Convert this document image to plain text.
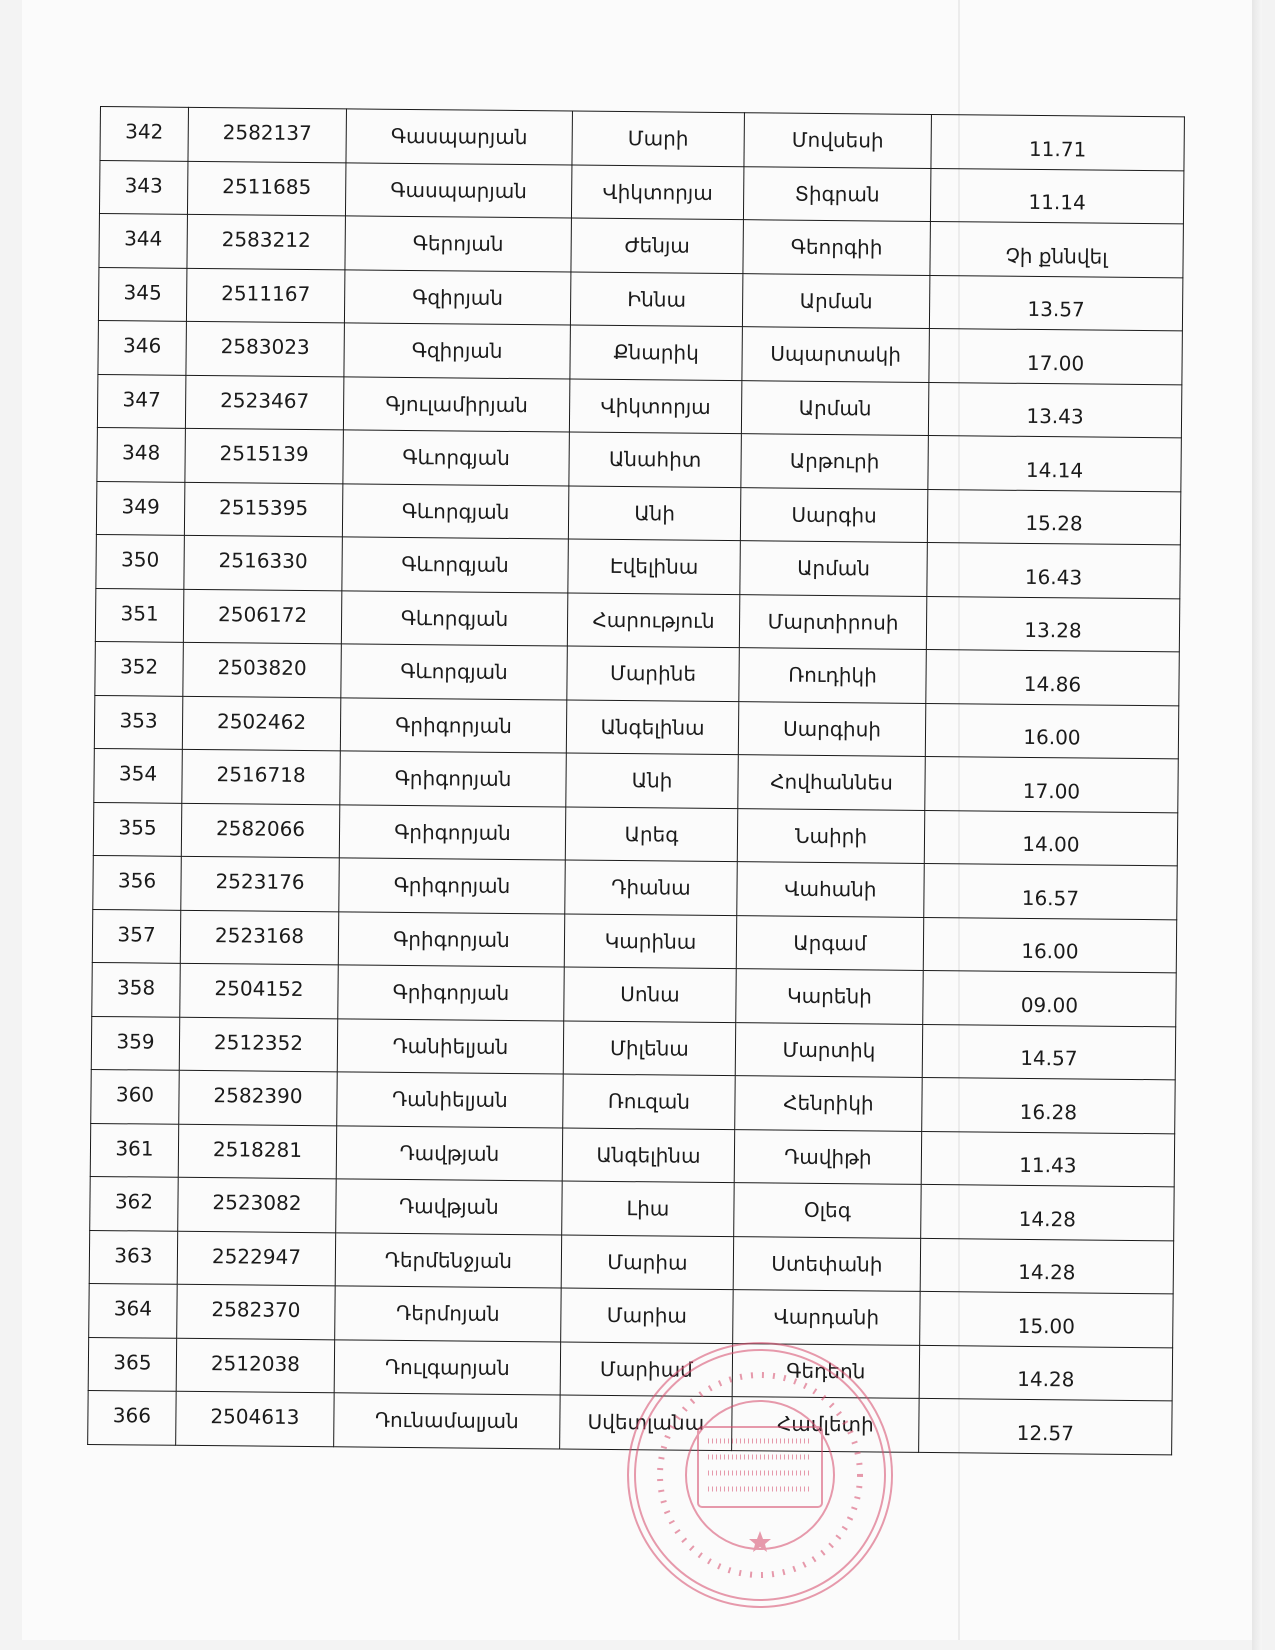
342	2582137	Գասպարյան	Մարի	Մովսեսի	11.71
343	2511685	Գասպարյան	Վիկտորյա	Տիգրան	11.14
344	2583212	Գերոյան	Ժենյա	Գեորգիի	Չի քննվել
345	2511167	Գզիրյան	Իննա	Արման	13.57
346	2583023	Գզիրյան	Քնարիկ	Սպարտակի	17.00
347	2523467	Գյուլամիրյան	Վիկտորյա	Արման	13.43
348	2515139	Գևորգյան	Անահիտ	Արթուրի	14.14
349	2515395	Գևորգյան	Անի	Սարգիս	15.28
350	2516330	Գևորգյան	Էվելինա	Արման	16.43
351	2506172	Գևորգյան	Հարություն	Մարտիրոսի	13.28
352	2503820	Գևորգյան	Մարինե	Ռուդիկի	14.86
353	2502462	Գրիգորյան	Անգելինա	Սարգիսի	16.00
354	2516718	Գրիգորյան	Անի	Հովհաննես	17.00
355	2582066	Գրիգորյան	Արեգ	Նաիրի	14.00
356	2523176	Գրիգորյան	Դիանա	Վահանի	16.57
357	2523168	Գրիգորյան	Կարինա	Արգամ	16.00
358	2504152	Գրիգորյան	Սոնա	Կարենի	09.00
359	2512352	Դանիելյան	Միլենա	Մարտիկ	14.57
360	2582390	Դանիելյան	Ռուզան	Հենրիկի	16.28
361	2518281	Դավթյան	Անգելինա	Դավիթի	11.43
362	2523082	Դավթյան	Լիա	Օլեգ	14.28
363	2522947	Դերմենջյան	Մարիա	Ստեփանի	14.28
364	2582370	Դերմոյան	Մարիա	Վարդանի	15.00
365	2512038	Դուլգարյան	Մարիամ	Գեդեոն	14.28
366	2504613	Դունամալյան	Սվետլանա	Համլետի	12.57
